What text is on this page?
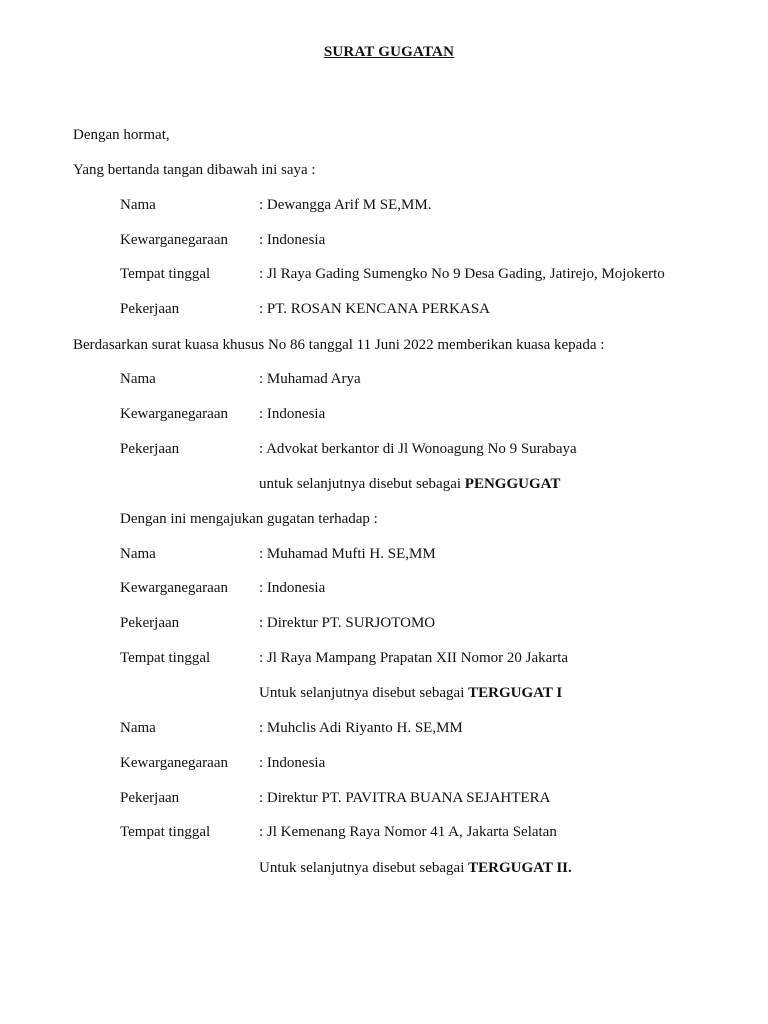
SURAT GUGATAN
Dengan hormat,
Yang bertanda tangan dibawah ini saya :
Nama	: Dewangga Arif M SE,MM.
Kewarganegaraan : Indonesia
Tempat tinggal	: Jl Raya Gading Sumengko No 9 Desa Gading, Jatirejo, Mojokerto
Pekerjaan	: PT. ROSAN KENCANA PERKASA
Berdasarkan surat kuasa khusus No 86 tanggal 11 Juni 2022 memberikan kuasa kepada :
Nama	: Muhamad Arya
Kewarganegaraan : Indonesia
Pekerjaan	: Advokat berkantor di Jl Wonoagung No 9 Surabaya
untuk selanjutnya disebut sebagai PENGGUGAT
Dengan ini mengajukan gugatan terhadap :
Nama	: Muhamad Mufti H. SE,MM
Kewarganegaraan : Indonesia
Pekerjaan	: Direktur PT. SURJOTOMO
Tempat tinggal	: Jl Raya Mampang Prapatan XII Nomor 20 Jakarta
Untuk selanjutnya disebut sebagai TERGUGAT I
Nama	: Muhclis Adi Riyanto H. SE,MM
Kewarganegaraan : Indonesia
Pekerjaan	: Direktur PT. PAVITRA BUANA SEJAHTERA
Tempat tinggal	: Jl Kemenang Raya Nomor 41 A, Jakarta Selatan
Untuk selanjutnya disebut sebagai TERGUGAT II.
